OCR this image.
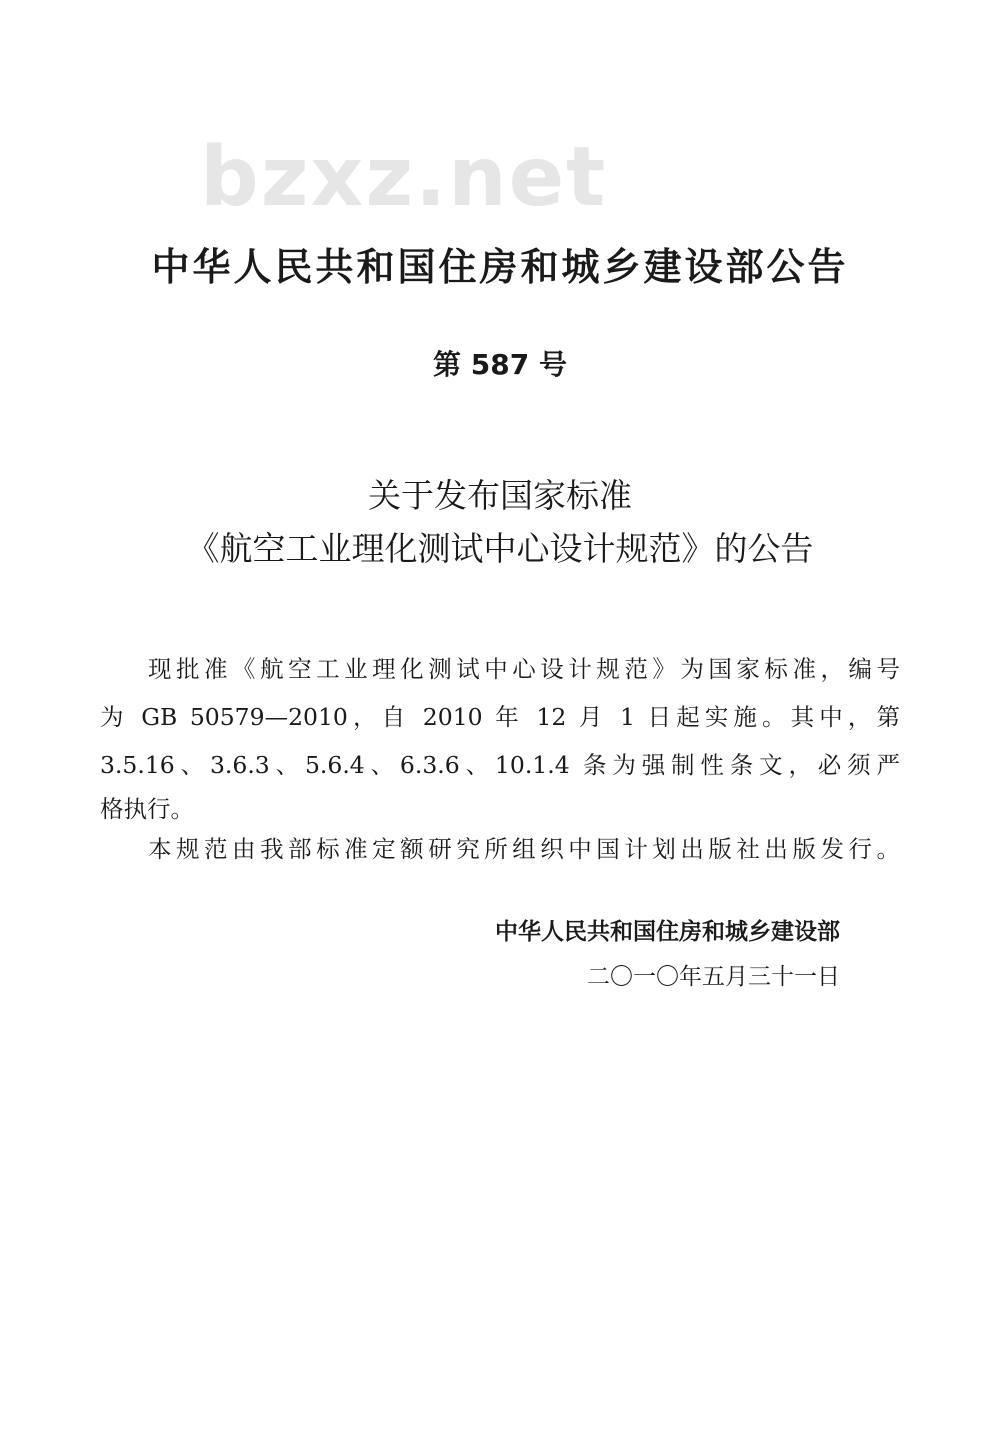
bzxz.net
中华人民共和国住房和城乡建设部公告
第 587 号
关于发布国家标准
《航空工业理化测试中心设计规范》的公告
现批准《航空工业理化测试中心设计规范》为国家标准，编号
为 GB 50579—2010，自 2010 年 12 月 1 日起实施。其中，第
3.5.16、3.6.3、5.6.4、6.3.6、10.1.4 条为强制性条文，必须严
格执行。
本规范由我部标准定额研究所组织中国计划出版社出版发行。
中华人民共和国住房和城乡建设部
二〇一〇年五月三十一日
